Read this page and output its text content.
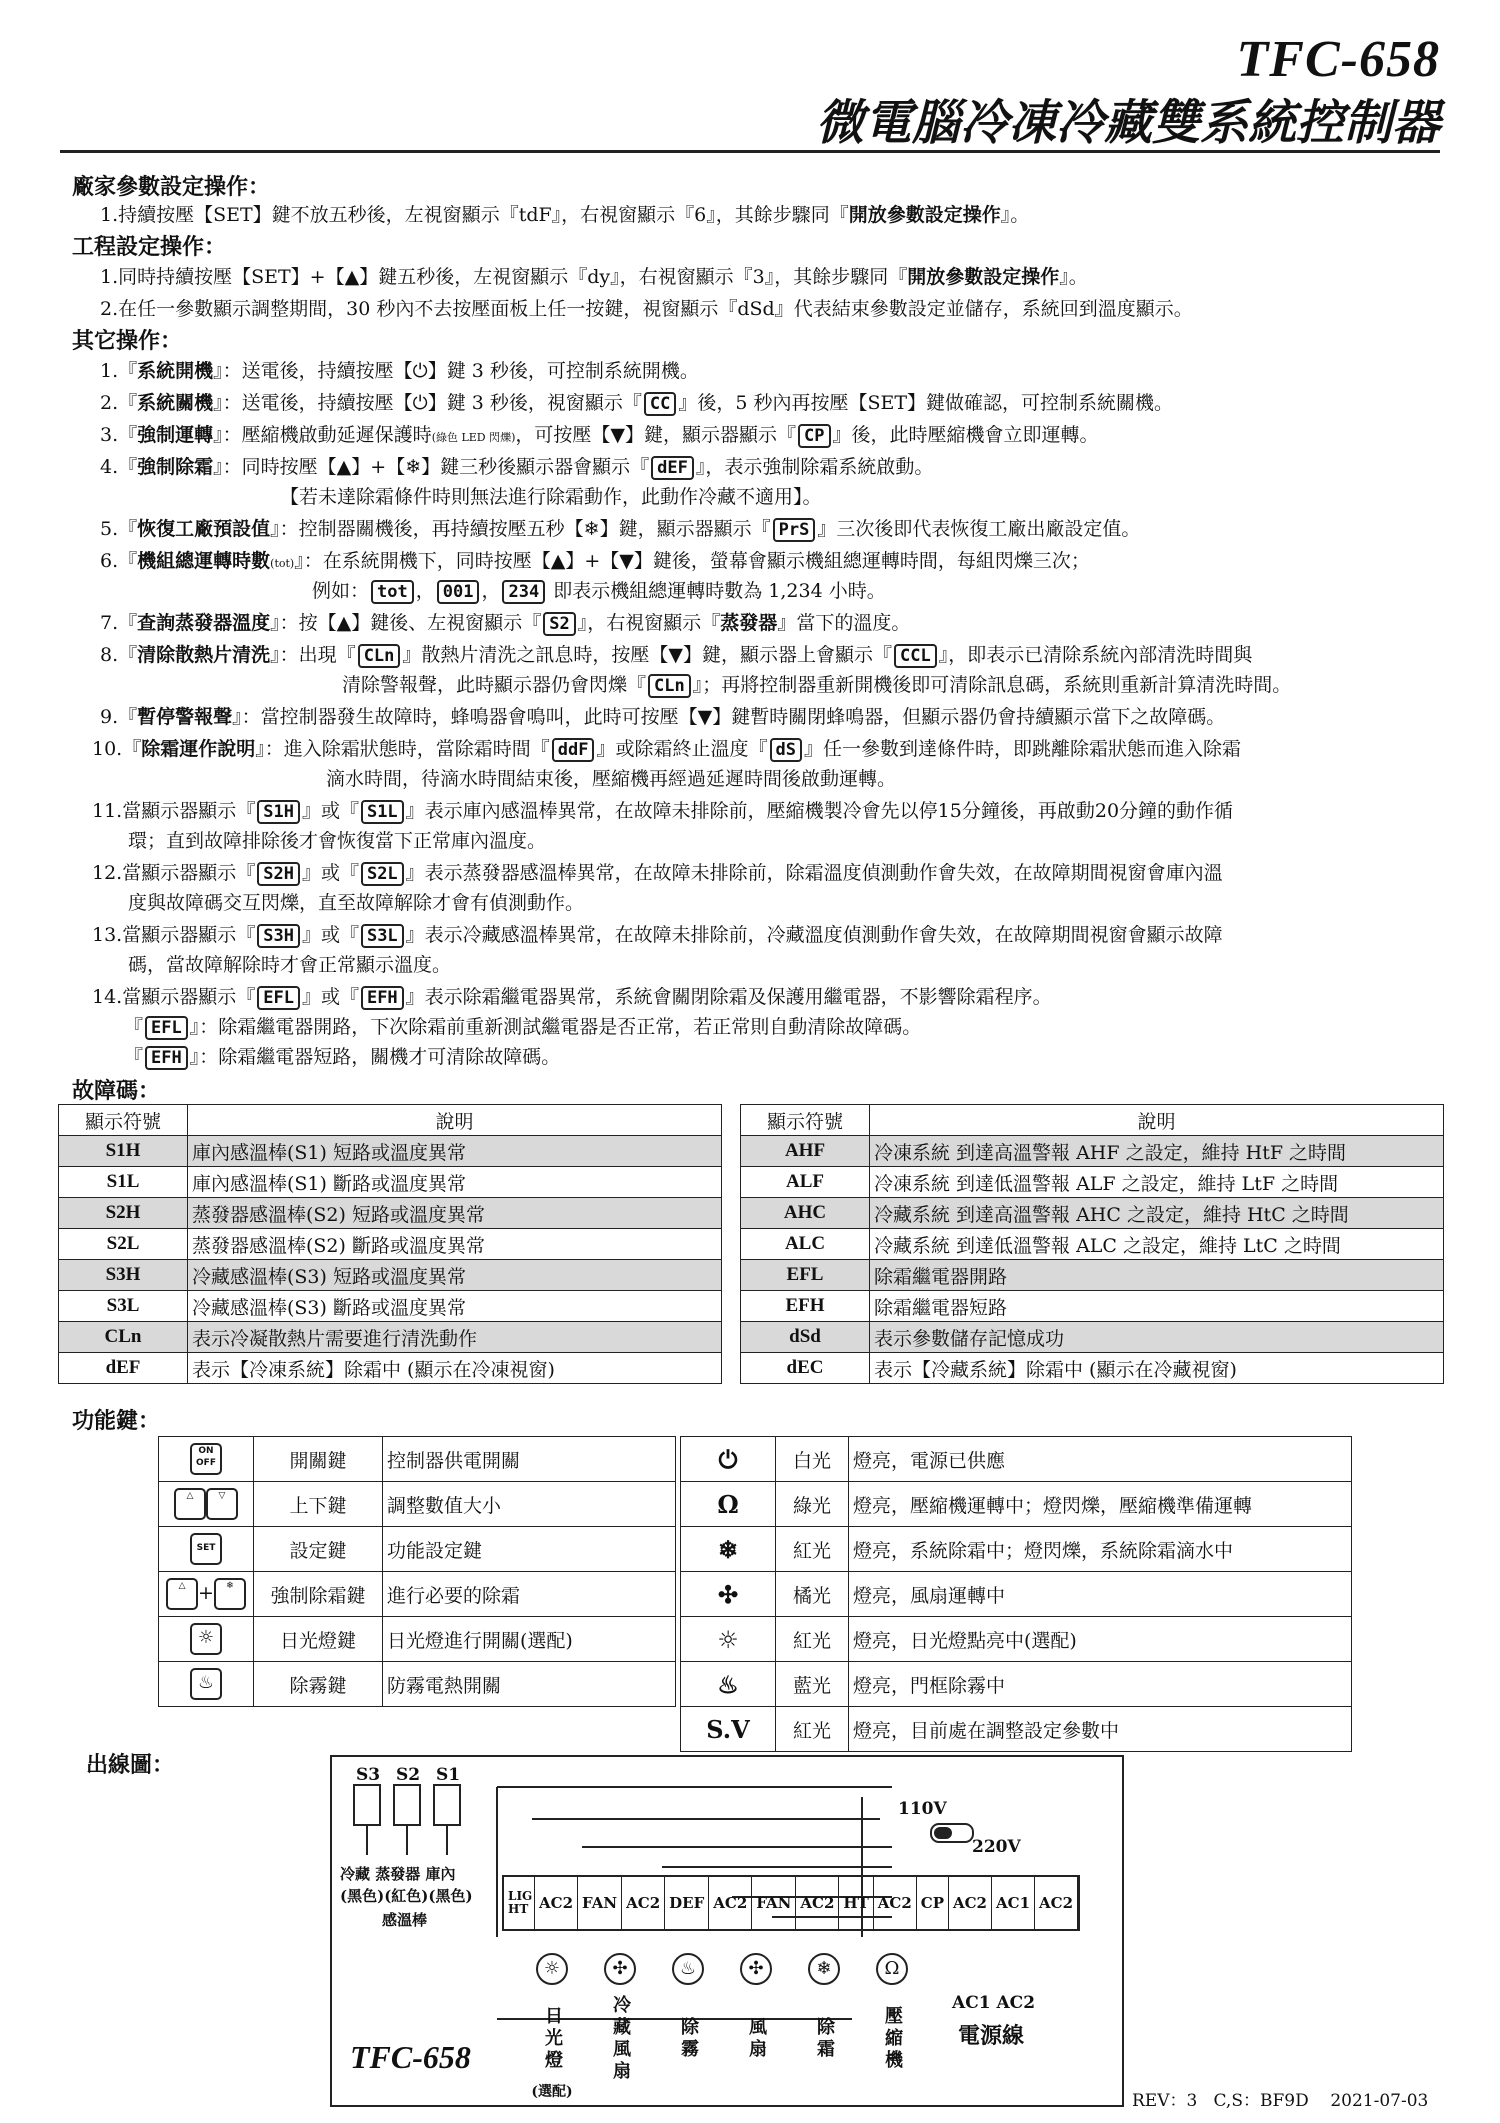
TFC-658
微電腦冷凍冷藏雙系統控制器
廠家參數設定操作：
1.持續按壓【SET】鍵不放五秒後，左視窗顯示『tdF』，右視窗顯示『6』，其餘步驟同『開放參數設定操作』。
工程設定操作：
1.同時持續按壓【SET】+【▲】鍵五秒後，左視窗顯示『dy』，右視窗顯示『3』，其餘步驟同『開放參數設定操作』。
2.在任一參數顯示調整期間，30 秒內不去按壓面板上任一按鍵，視窗顯示『dSd』代表結束參數設定並儲存，系統回到溫度顯示。
其它操作：
1.『系統開機』：送電後，持續按壓【⏻】鍵 3 秒後，可控制系統開機。
2.『系統關機』：送電後，持續按壓【⏻】鍵 3 秒後，視窗顯示『 CC 』後，5 秒內再按壓【SET】鍵做確認，可控制系統關機。
3.『強制運轉』：壓縮機啟動延遲保護時(綠色 LED 閃爍)，可按壓【▼】鍵，顯示器顯示『 CP 』後，此時壓縮機會立即運轉。
4.『強制除霜』：同時按壓【▲】+【❄】鍵三秒後顯示器會顯示『 dEF 』，表示強制除霜系統啟動。
【若未達除霜條件時則無法進行除霜動作，此動作冷藏不適用】。
5.『恢復工廠預設值』：控制器關機後，再持續按壓五秒【❄】鍵，顯示器顯示『 PrS 』三次後即代表恢復工廠出廠設定值。
6.『機組總運轉時數(tot)』：在系統開機下，同時按壓【▲】+【▼】鍵後，螢幕會顯示機組總運轉時間，每組閃爍三次；
例如： tot ， 001 ， 234 即表示機組總運轉時數為 1,234 小時。
7.『查詢蒸發器溫度』：按【▲】鍵後、左視窗顯示『 S2 』，右視窗顯示『蒸發器』當下的溫度。
8.『清除散熱片清洗』：出現『 CLn 』散熱片清洗之訊息時，按壓【▼】鍵，顯示器上會顯示『 CCL 』，即表示已清除系統內部清洗時間與
清除警報聲，此時顯示器仍會閃爍『 CLn 』；再將控制器重新開機後即可清除訊息碼，系統則重新計算清洗時間。
9.『暫停警報聲』：當控制器發生故障時，蜂鳴器會鳴叫，此時可按壓【▼】鍵暫時關閉蜂鳴器，但顯示器仍會持續顯示當下之故障碼。
10.『除霜運作說明』：進入除霜狀態時，當除霜時間『 ddF 』或除霜終止溫度『 dS 』任一參數到達條件時，即跳離除霜狀態而進入除霜
滴水時間，待滴水時間結束後，壓縮機再經過延遲時間後啟動運轉。
11.當顯示器顯示『 S1H 』或『 S1L 』表示庫內感溫棒異常，在故障未排除前，壓縮機製冷會先以停15分鐘後，再啟動20分鐘的動作循
環；直到故障排除後才會恢復當下正常庫內溫度。
12.當顯示器顯示『 S2H 』或『 S2L 』表示蒸發器感溫棒異常，在故障未排除前，除霜溫度偵測動作會失效，在故障期間視窗會庫內溫
度與故障碼交互閃爍，直至故障解除才會有偵測動作。
13.當顯示器顯示『 S3H 』或『 S3L 』表示冷藏感溫棒異常，在故障未排除前，冷藏溫度偵測動作會失效，在故障期間視窗會顯示故障
碼，當故障解除時才會正常顯示溫度。
14.當顯示器顯示『 EFL 』或『 EFH 』表示除霜繼電器異常，系統會關閉除霜及保護用繼電器，不影響除霜程序。
『 EFL 』：除霜繼電器開路，下次除霜前重新測試繼電器是否正常，若正常則自動清除故障碼。
『 EFH 』：除霜繼電器短路，關機才可清除故障碼。
故障碼：
顯示符號	說明
S1H	庫內感溫棒(S1) 短路或溫度異常
S1L	庫內感溫棒(S1) 斷路或溫度異常
S2H	蒸發器感溫棒(S2) 短路或溫度異常
S2L	蒸發器感溫棒(S2) 斷路或溫度異常
S3H	冷藏感溫棒(S3) 短路或溫度異常
S3L	冷藏感溫棒(S3) 斷路或溫度異常
CLn	表示冷凝散熱片需要進行清洗動作
dEF	表示【冷凍系統】除霜中 (顯示在冷凍視窗)
顯示符號	說明
AHF	冷凍系統 到達高溫警報 AHF 之設定，維持 HtF 之時間
ALF	冷凍系統 到達低溫警報 ALF 之設定，維持 LtF 之時間
AHC	冷藏系統 到達高溫警報 AHC 之設定，維持 HtC 之時間
ALC	冷藏系統 到達低溫警報 ALC 之設定，維持 LtC 之時間
EFL	除霜繼電器開路
EFH	除霜繼電器短路
dSd	表示參數儲存記憶成功
dEC	表示【冷藏系統】除霜中 (顯示在冷藏視窗)
功能鍵：
ON
OFF	開關鍵	控制器供電開關
△ ▽	上下鍵	調整數值大小
SET	設定鍵	功能設定鍵
△ + ❄	強制除霜鍵	進行必要的除霜
☼	日光燈鍵	日光燈進行開關(選配)
♨	除霧鍵	防霧電熱開關
⏻	白光	燈亮，電源已供應
Ω	綠光	燈亮，壓縮機運轉中；燈閃爍，壓縮機準備運轉
❄	紅光	燈亮，系統除霜中；燈閃爍，系統除霜滴水中
✣	橘光	燈亮，風扇運轉中
☼	紅光	燈亮，日光燈點亮中(選配)
♨	藍光	燈亮，門框除霧中
S.V	紅光	燈亮，目前處在調整設定參數中
出線圖：	S3 S2 S1
冷藏 蒸發器 庫內
(黑色)(紅色)(黑色)
感溫棒
LIG HT AC2 FAN AC2 DEF AC2 FAN AC2 HT AC2 CP AC2 AC1 AC2
110V
220V
☼
日光燈
(選配)
✣
冷藏風扇
♨
除霧
✣
風扇
❄
除霜
Ω
壓縮機
AC1 AC2
電源線
TFC-658
REV：3 C,S：BF9D 2021-07-03
